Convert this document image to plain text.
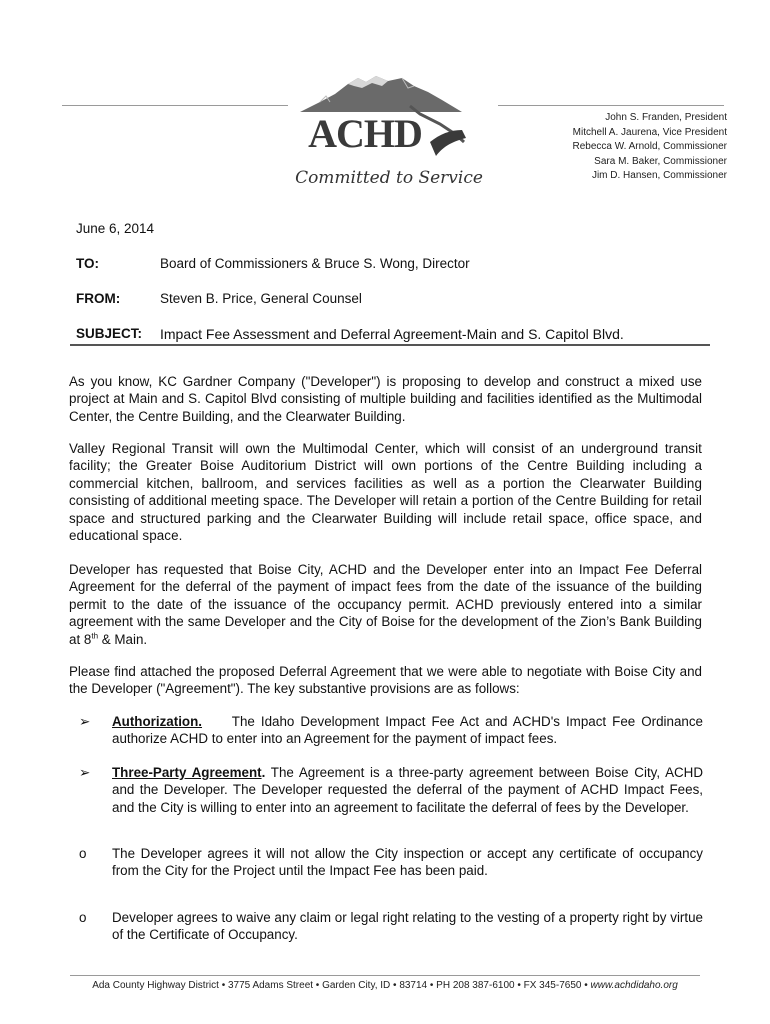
ACHD
Committed to Service
John S. Franden, President
Mitchell A. Jaurena, Vice President
Rebecca W. Arnold, Commissioner
Sara M. Baker, Commissioner
Jim D. Hansen, Commissioner
June 6, 2014
TO:	Board of Commissioners & Bruce S. Wong, Director
FROM:	Steven B. Price, General Counsel
SUBJECT: Impact Fee Assessment and Deferral Agreement-Main and S. Capitol Blvd.

As you know, KC Gardner Company ("Developer") is proposing to develop and construct a mixed use project at Main and S. Capitol Blvd consisting of multiple building and facilities identified as the Multimodal Center, the Centre Building, and the Clearwater Building.

Valley Regional Transit will own the Multimodal Center, which will consist of an underground transit facility; the Greater Boise Auditorium District will own portions of the Centre Building including a commercial kitchen, ballroom, and services facilities as well as a portion the Clearwater Building consisting of additional meeting space. The Developer will retain a portion of the Centre Building for retail space and structured parking and the Clearwater Building will include retail space, office space, and educational space.

Developer has requested that Boise City, ACHD and the Developer enter into an Impact Fee Deferral Agreement for the deferral of the payment of impact fees from the date of the issuance of the building permit to the date of the issuance of the occupancy permit. ACHD previously entered into a similar agreement with the same Developer and the City of Boise for the development of the Zion’s Bank Building at 8th & Main.

Please find attached the proposed Deferral Agreement that we were able to negotiate with Boise City and the Developer ("Agreement"). The key substantive provisions are as follows:

➢	Authorization.     The Idaho Development Impact Fee Act and ACHD's Impact Fee Ordinance authorize ACHD to enter into an Agreement for the payment of impact fees.
➢	Three-Party Agreement. The Agreement is a three-party agreement between Boise City, ACHD and the Developer. The Developer requested the deferral of the payment of ACHD Impact Fees, and the City is willing to enter into an agreement to facilitate the deferral of fees by the Developer.
o	The Developer agrees it will not allow the City inspection or accept any certificate of occupancy from the City for the Project until the Impact Fee has been paid.
o	Developer agrees to waive any claim or legal right relating to the vesting of a property right by virtue of the Certificate of Occupancy.
Ada County Highway District • 3775 Adams Street • Garden City, ID • 83714 • PH 208 387-6100 • FX 345-7650 • www.achdidaho.org
